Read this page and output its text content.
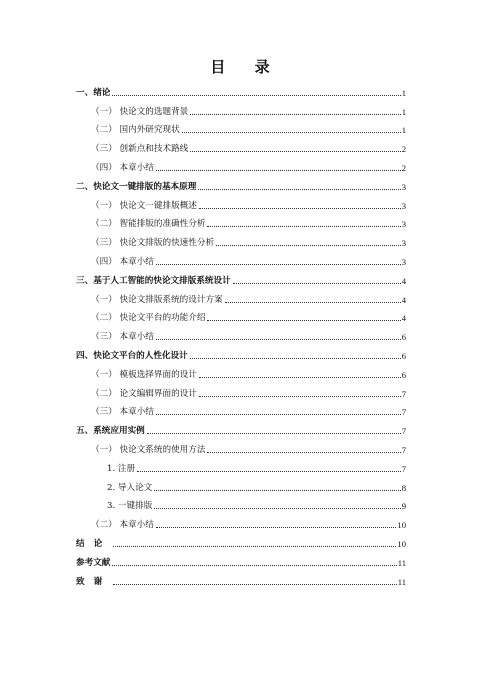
目 录
一、绪论	1
（一） 快论文的选题背景	1
（二） 国内外研究现状	1
（三） 创新点和技术路线	2
（四） 本章小结	2
二、快论文一键排版的基本原理	3
（一） 快论文一键排版概述	3
（二） 智能排版的准确性分析	3
（三） 快论文排版的快速性分析	3
（四） 本章小结	3
三、基于人工智能的快论文排版系统设计	4
（一） 快论文排版系统的设计方案	4
（二） 快论文平台的功能介绍	4
（三） 本章小结	6
四、快论文平台的人性化设计	6
（一） 模板选择界面的设计	6
（二） 论文编辑界面的设计	7
（三） 本章小结	7
五、系统应用实例	7
（一） 快论文系统的使用方法	7
1. 注册	7
2. 导入论文	8
3. 一键排版	9
（二） 本章小结	10
结论	10
参考文献	11
致谢	11
